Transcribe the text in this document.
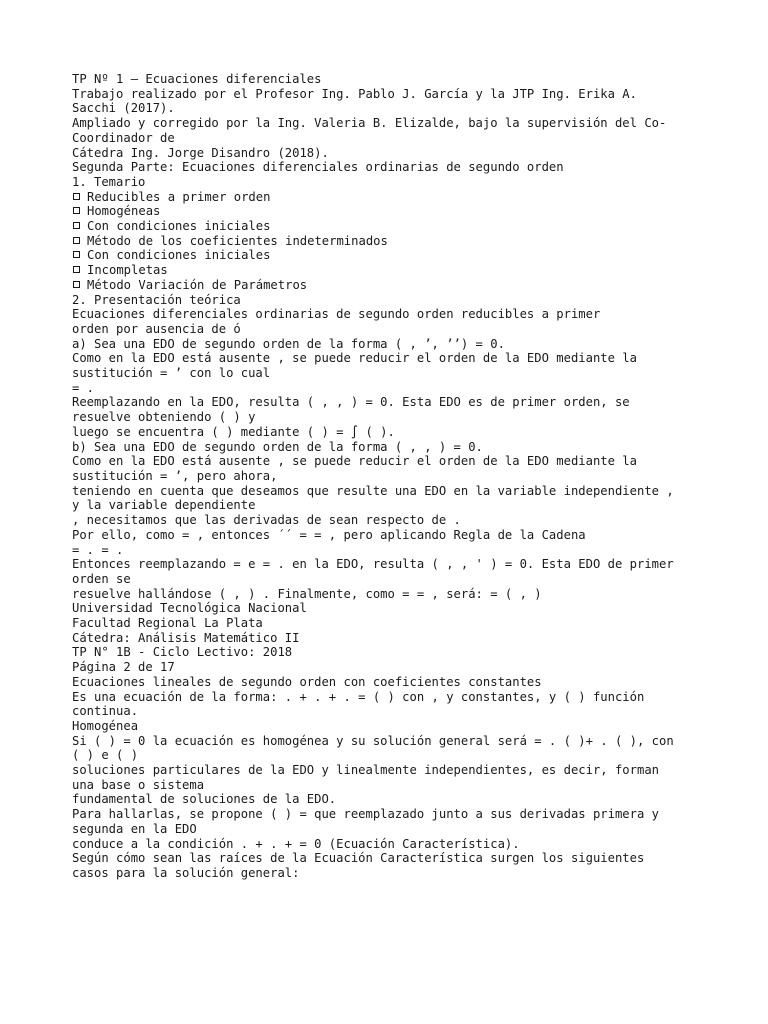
TP Nº 1 – Ecuaciones diferenciales
Trabajo realizado por el Profesor Ing. Pablo J. García y la JTP Ing. Erika A.
Sacchi (2017).
Ampliado y corregido por la Ing. Valeria B. Elizalde, bajo la supervisión del Co-
Coordinador de
Cátedra Ing. Jorge Disandro (2018).
Segunda Parte: Ecuaciones diferenciales ordinarias de segundo orden
1. Temario
Reducibles a primer orden
Homogéneas
Con condiciones iniciales
Método de los coeficientes indeterminados
Con condiciones iniciales
Incompletas
Método Variación de Parámetros
2. Presentación teórica
Ecuaciones diferenciales ordinarias de segundo orden reducibles a primer
orden por ausencia de ó
a) Sea una EDO de segundo orden de la forma ( , ’, ’’) = 0.
Como en la EDO está ausente , se puede reducir el orden de la EDO mediante la
sustitución = ’ con lo cual
= .
Reemplazando en la EDO, resulta ( , , ) = 0. Esta EDO es de primer orden, se
resuelve obteniendo ( ) y
luego se encuentra ( ) mediante ( ) = ∫ ( ).
b) Sea una EDO de segundo orden de la forma ( , , ) = 0.
Como en la EDO está ausente , se puede reducir el orden de la EDO mediante la
sustitución = ’, pero ahora,
teniendo en cuenta que deseamos que resulte una EDO en la variable independiente ,
y la variable dependiente
, necesitamos que las derivadas de sean respecto de .
Por ello, como = , entonces ´´ = = , pero aplicando Regla de la Cadena
= . = .
Entonces reemplazando = e = . en la EDO, resulta ( , , ' ) = 0. Esta EDO de primer
orden se
resuelve hallándose ( , ) . Finalmente, como = = , será: = ( , )
Universidad Tecnológica Nacional
Facultad Regional La Plata
Cátedra: Análisis Matemático II
TP N° 1B - Ciclo Lectivo: 2018
Página 2 de 17
Ecuaciones lineales de segundo orden con coeficientes constantes
Es una ecuación de la forma: . + . + . = ( ) con , y constantes, y ( ) función
continua.
Homogénea
Si ( ) = 0 la ecuación es homogénea y su solución general será = . ( )+ . ( ), con
( ) e ( )
soluciones particulares de la EDO y linealmente independientes, es decir, forman
una base o sistema
fundamental de soluciones de la EDO.
Para hallarlas, se propone ( ) = que reemplazado junto a sus derivadas primera y
segunda en la EDO
conduce a la condición . + . + = 0 (Ecuación Característica).
Según cómo sean las raíces de la Ecuación Característica surgen los siguientes
casos para la solución general:
